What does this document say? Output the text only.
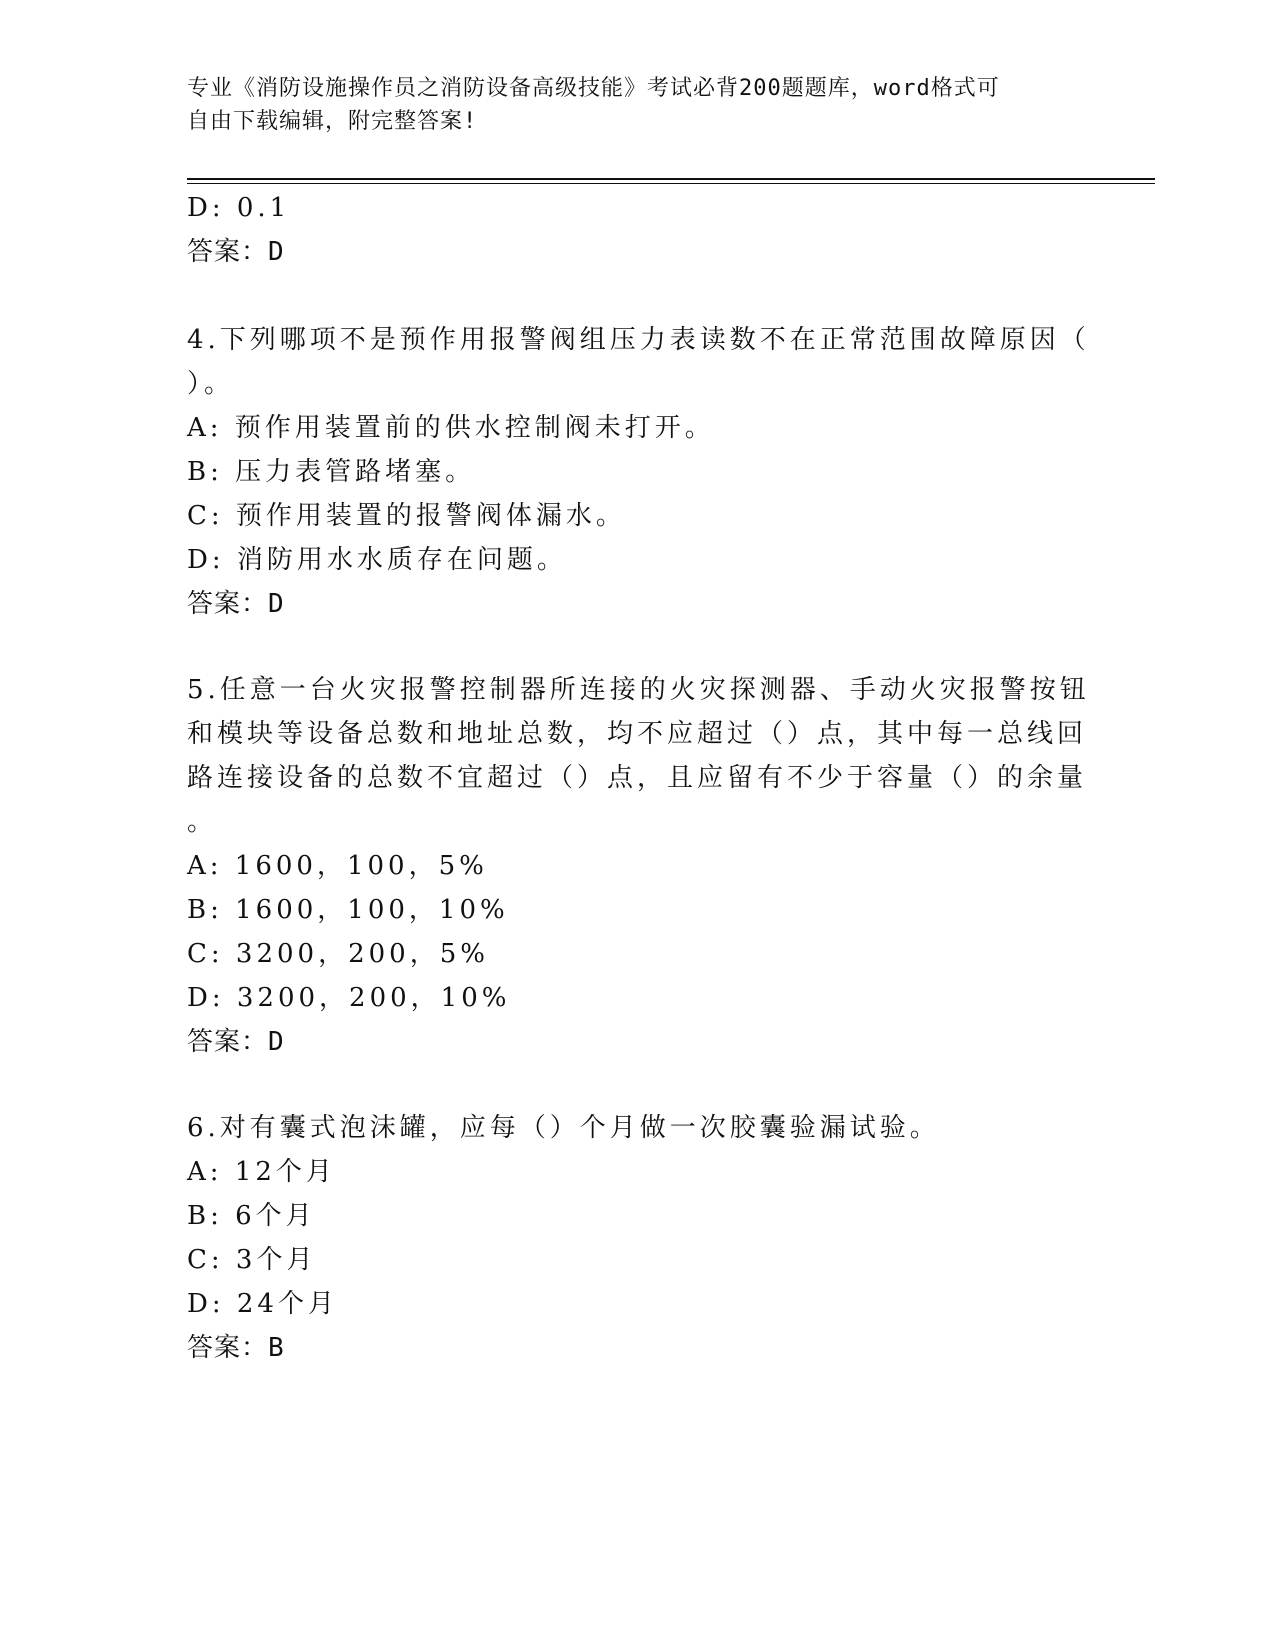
专业《消防设施操作员之消防设备高级技能》考试必背200题题库，word格式可
自由下载编辑，附完整答案!
D: 0.1
答案：D
4.下列哪项不是预作用报警阀组压力表读数不在正常范围故障原因（
）。
A: 预作用装置前的供水控制阀未打开。
B: 压力表管路堵塞。
C: 预作用装置的报警阀体漏水。
D: 消防用水水质存在问题。
答案：D
5.任意一台火灾报警控制器所连接的火灾探测器、手动火灾报警按钮
和模块等设备总数和地址总数，均不应超过（）点，其中每一总线回
路连接设备的总数不宜超过（）点，且应留有不少于容量（）的余量
。
A: 1600，100，5%
B: 1600，100，10%
C: 3200，200，5%
D: 3200，200，10%
答案：D
6.对有囊式泡沫罐，应每（）个月做一次胶囊验漏试验。
A: 12个月
B: 6个月
C: 3个月
D: 24个月
答案：B
